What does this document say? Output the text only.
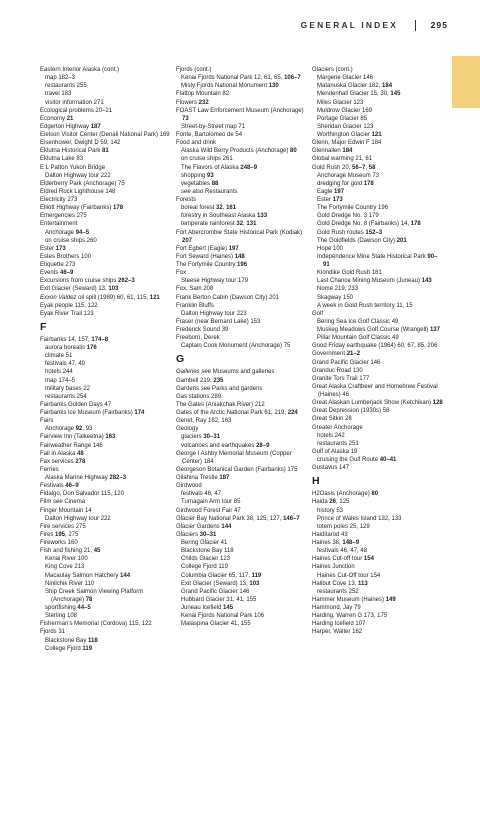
GENERAL INDEX	295
Eastern Interior Alaska (cont.)
map 182–3
restaurants 255
travel 183
visitor information 271
Ecological problems 20–21
Economy 21
Edgerton Highway 187
Eielson Visitor Center (Denali National Park) 169
Eisenhower, Dwight D 59, 142
Eklutna Historical Park 81
Eklutna Lake 83
E L Patton Yukon Bridge
Dalton Highway tour 222
Elderberry Park (Anchorage) 75
Eldred Rock Lighthouse 148
Electricity 273
Elliott Highway (Fairbanks) 178
Emergencies 275
Entertainment
Anchorage 94–5
on cruise ships 260
Ester 173
Estes Brothers 100
Etiquette 273
Events 46–9
Excursions from cruise ships 262–3
Exit Glacier (Seward) 13, 103
Exxon Valdez oil spill (1989) 60, 61, 115, 121
Eyak people 115, 122
Eyak River Trail 123
F
Fairbanks 14, 157, 174–8
aurora borealis 176
climate 51
festivals 47, 49
hotels 244
map 174–5
military bases 22
restaurants 254
Fairbanks Golden Days 47
Fairbanks Ice Museum (Fairbanks) 174
Fairs
Anchorage 92, 93
Fairview Inn (Talkeetna) 163
Fairweather Range 146
Fall in Alaska 48
Fax services 278
Ferries
Alaska Marine Highway 282–3
Festivals 46–9
Fidalgo, Don Salvador 115, 120
Film see Cinema
Finger Mountain 14
Dalton Highway tour 222
Fire services 275
Fires 195, 275
Fireworks 160
Fish and fishing 21, 45
Kenai River 100
King Cove 213
Macaulay Salmon Hatchery 144
Ninilchik River 110
Ship Creek Salmon Viewing Platform (Anchorage) 78
sportfishing 44–5
Sterling 108
Fisherman's Memorial (Cordova) 115, 122
Fjords 31
Blackstone Bay 118
College Fjord 119
Fjords (cont.)
Kenai Fjords National Park 12, 61, 65, 106–7
Misty Fjords National Monument 130
Flattop Mountain 82
Flowers 232
FOAST Law Enforcement Museum (Anchorage) 73
Street-by-Street map 71
Fonte, Bartolomeo de 54
Food and drink
Alaska Wild Berry Products (Anchorage) 80
on cruise ships 261
The Flavors of Alaska 248–9
shopping 93
vegetables 88
see also Restaurants
Forests
boreal forest 32, 161
forestry in Southeast Alaska 133
temperate rainforest 32, 131
Fort Abercrombie State Historical Park (Kodiak) 207
Fort Egbert (Eagle) 197
Fort Seward (Haines) 148
The Fortymile Country 196
Fox
Steese Highway tour 179
Fox, Sam 208
Frank Berton Cabin (Dawson City) 201
Franklin Bluffs
Dalton Highway tour 223
Fraser (near Bernard Lake) 153
Frederick Sound 39
Freeborn, Derek
Captain Cook Monument (Anchorage) 75
G
Galleries see Museums and galleries
Gambell 219, 235
Gardens see Parks and gardens
Gas stations 289
The Gates (Aniakchak River) 212
Gates of the Arctic National Park 61, 219, 224
Genet, Ray 162, 163
Geology
glaciers 30–31
volcanoes and earthquakes 28–9
George I Ashby Memorial Museum (Copper Center) 184
Georgeson Botanical Garden (Fairbanks) 175
Gilahina Trestle 187
Girdwood
festivals 46, 47
Turnagain Arm tour 85
Girdwood Forest Fair 47
Glacier Bay National Park 38, 125, 127, 146–7
Glacier Gardens 144
Glaciers 30–31
Bering Glacier 41
Blackstone Bay 118
Childs Glacier 123
College Fjord 119
Columbia Glacier 65, 117, 119
Exit Glacier (Seward) 13, 103
Grand Pacific Glacier 146
Hubbard Glacier 31, 41, 155
Juneau Icefield 145
Kenai Fjords National Park 106
Malaspina Glacier 41, 155
Glaciers (cont.)
Margerie Glacier 146
Matanuska Glacier 182, 184
Mendenhall Glacier 15, 30, 145
Miles Glacier 123
Muldrow Glacier 169
Portage Glacier 85
Sheridan Glacier 123
Worthington Glacier 121
Glenn, Major Edwin F 184
Glennallen 184
Global warming 21, 61
Gold Rush 20, 56–7, 58
Anchorage Museum 73
dredging for gold 178
Eagle 197
Ester 173
The Fortymile Country 196
Gold Dredge No. 3 179
Gold Dredge No. 8 (Fairbanks) 14, 178
Gold Rush routes 152–3
The Goldfields (Dawson City) 201
Hope 100
Independence Mine State Historical Park 90–91
Klondike Gold Rush 181
Last Chance Mining Museum (Juneau) 143
Nome 219, 233
Skagway 150
A week in Gold Rush territory 11, 15
Golf
Bering Sea Ice Golf Classic 49
Muskeg Meadows Golf Course (Wrangell) 137
Pillar Mountain Golf Classic 49
Good Friday earthquake (1964) 60, 67, 85, 206
Government 21–2
Grand Pacific Glacier 146
Granduc Road 130
Granite Tors Trail 177
Great Alaska Craftbeer and Homebrew Festival (Haines) 46
Great Alaskan Lumberjack Show (Ketchikan) 128
Great Depression (1930s) 58
Great Sitkin 28
Greater Anchorage
hotels 242
restaurants 251
Gulf of Alaska 19
cruising the Gulf Route 40–41
Gustavus 147
H
H2Oasis (Anchorage) 80
Haida 26, 125
history 53
Prince of Wales Island 132, 133
totem poles 25, 129
Haiditarod 43
Haines 38, 148–9
festivals 46, 47, 48
Haines Cut-off tour 154
Haines Junction
Haines Cut-Off tour 154
Halibut Cove 13, 113
restaurants 252
Hammer Museum (Haines) 149
Hammond, Jay 79
Harding, Warren G 173, 175
Harding Icefield 107
Harper, Walter 162
